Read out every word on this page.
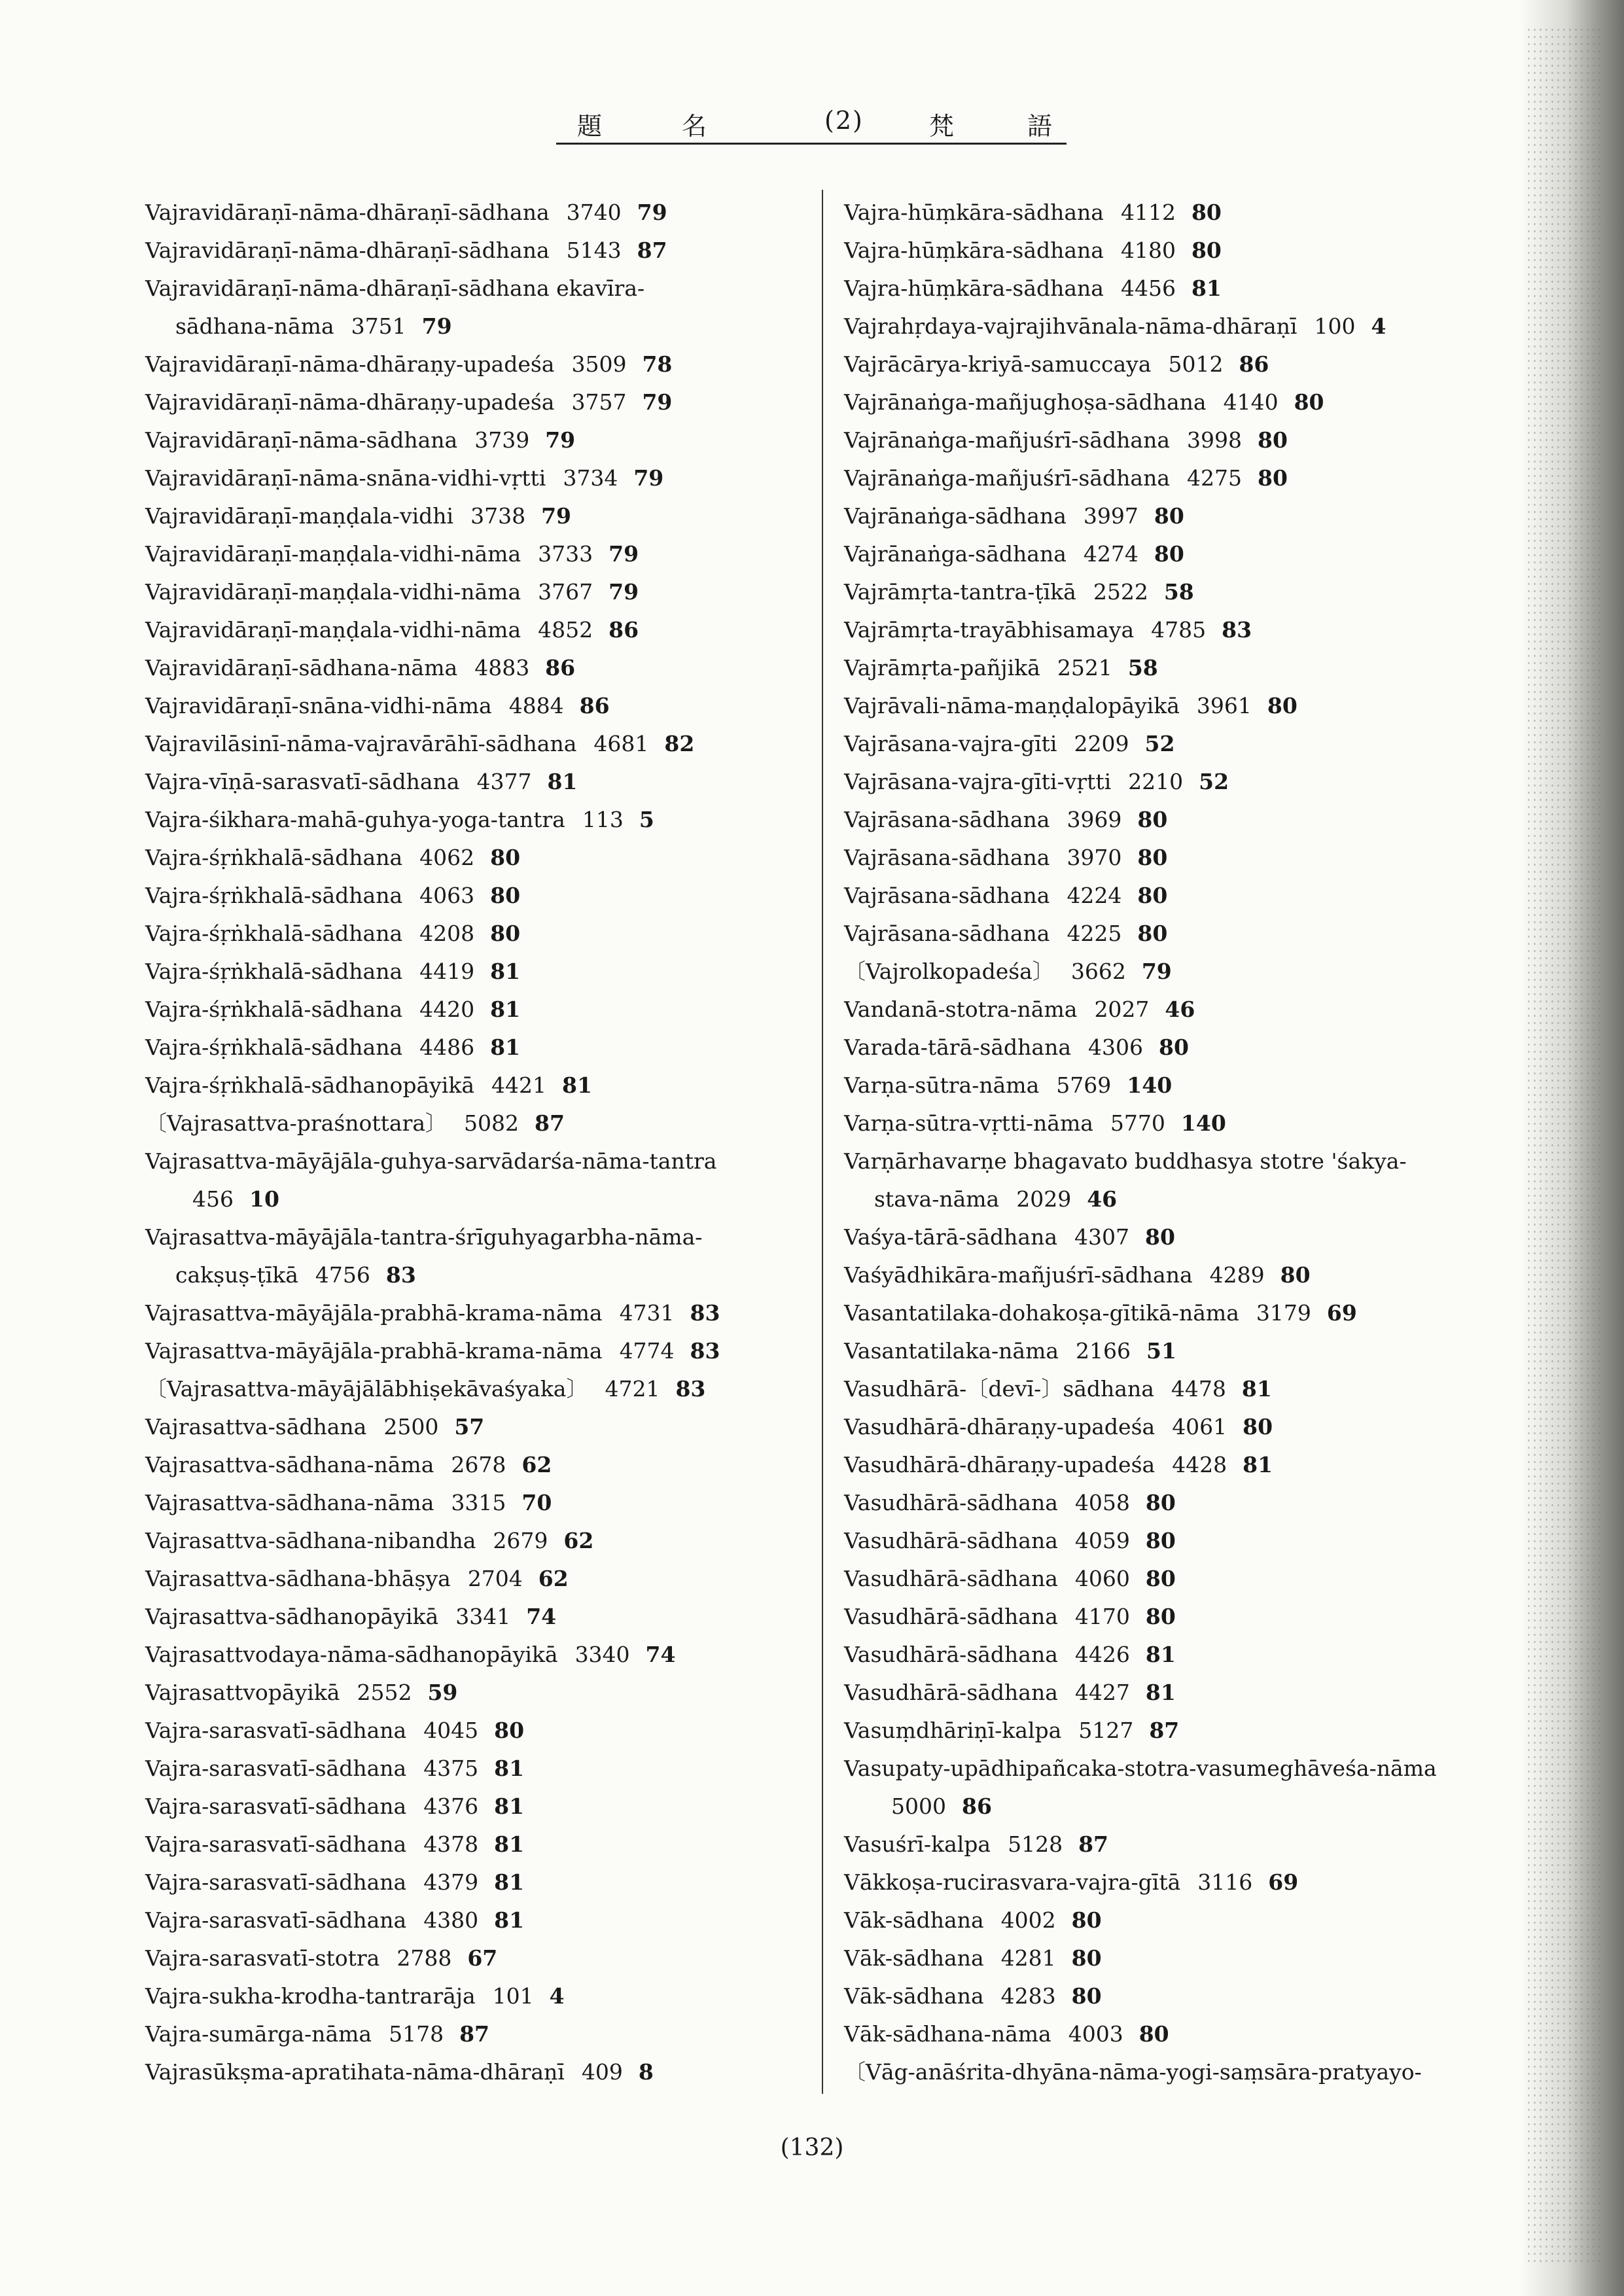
題	名	(2)	梵	語
Vajravidāraṇī-nāma-dhāraṇī-sādhana 3740 79
Vajravidāraṇī-nāma-dhāraṇī-sādhana 5143 87
Vajravidāraṇī-nāma-dhāraṇī-sādhana ekavīra-
sādhana-nāma 3751 79
Vajravidāraṇī-nāma-dhāraṇy-upadeśa 3509 78
Vajravidāraṇī-nāma-dhāraṇy-upadeśa 3757 79
Vajravidāraṇī-nāma-sādhana 3739 79
Vajravidāraṇī-nāma-snāna-vidhi-vṛtti 3734 79
Vajravidāraṇī-maṇḍala-vidhi 3738 79
Vajravidāraṇī-maṇḍala-vidhi-nāma 3733 79
Vajravidāraṇī-maṇḍala-vidhi-nāma 3767 79
Vajravidāraṇī-maṇḍala-vidhi-nāma 4852 86
Vajravidāraṇī-sādhana-nāma 4883 86
Vajravidāraṇī-snāna-vidhi-nāma 4884 86
Vajravilāsinī-nāma-vajravārāhī-sādhana 4681 82
Vajra-vīṇā-sarasvatī-sādhana 4377 81
Vajra-śikhara-mahā-guhya-yoga-tantra 113 5
Vajra-śṛṅkhalā-sādhana 4062 80
Vajra-śṛṅkhalā-sādhana 4063 80
Vajra-śṛṅkhalā-sādhana 4208 80
Vajra-śṛṅkhalā-sādhana 4419 81
Vajra-śṛṅkhalā-sādhana 4420 81
Vajra-śṛṅkhalā-sādhana 4486 81
Vajra-śṛṅkhalā-sādhanopāyikā 4421 81
〔Vajrasattva-praśnottara〕 5082 87
Vajrasattva-māyājāla-guhya-sarvādarśa-nāma-tantra
456 10
Vajrasattva-māyājāla-tantra-śrīguhyagarbha-nāma-
cakṣuṣ-ṭīkā 4756 83
Vajrasattva-māyājāla-prabhā-krama-nāma 4731 83
Vajrasattva-māyājāla-prabhā-krama-nāma 4774 83
〔Vajrasattva-māyājālābhiṣekāvaśyaka〕 4721 83
Vajrasattva-sādhana 2500 57
Vajrasattva-sādhana-nāma 2678 62
Vajrasattva-sādhana-nāma 3315 70
Vajrasattva-sādhana-nibandha 2679 62
Vajrasattva-sādhana-bhāṣya 2704 62
Vajrasattva-sādhanopāyikā 3341 74
Vajrasattvodaya-nāma-sādhanopāyikā 3340 74
Vajrasattvopāyikā 2552 59
Vajra-sarasvatī-sādhana 4045 80
Vajra-sarasvatī-sādhana 4375 81
Vajra-sarasvatī-sādhana 4376 81
Vajra-sarasvatī-sādhana 4378 81
Vajra-sarasvatī-sādhana 4379 81
Vajra-sarasvatī-sādhana 4380 81
Vajra-sarasvatī-stotra 2788 67
Vajra-sukha-krodha-tantrarāja 101 4
Vajra-sumārga-nāma 5178 87
Vajrasūkṣma-apratihata-nāma-dhāraṇī 409 8
Vajra-hūṃkāra-sādhana 4112 80
Vajra-hūṃkāra-sādhana 4180 80
Vajra-hūṃkāra-sādhana 4456 81
Vajrahṛdaya-vajrajihvānala-nāma-dhāraṇī 100 4
Vajrācārya-kriyā-samuccaya 5012 86
Vajrānaṅga-mañjughoṣa-sādhana 4140 80
Vajrānaṅga-mañjuśrī-sādhana 3998 80
Vajrānaṅga-mañjuśrī-sādhana 4275 80
Vajrānaṅga-sādhana 3997 80
Vajrānaṅga-sādhana 4274 80
Vajrāmṛta-tantra-ṭīkā 2522 58
Vajrāmṛta-trayābhisamaya 4785 83
Vajrāmṛta-pañjikā 2521 58
Vajrāvali-nāma-maṇḍalopāyikā 3961 80
Vajrāsana-vajra-gīti 2209 52
Vajrāsana-vajra-gīti-vṛtti 2210 52
Vajrāsana-sādhana 3969 80
Vajrāsana-sādhana 3970 80
Vajrāsana-sādhana 4224 80
Vajrāsana-sādhana 4225 80
〔Vajrolkopadeśa〕 3662 79
Vandanā-stotra-nāma 2027 46
Varada-tārā-sādhana 4306 80
Varṇa-sūtra-nāma 5769 140
Varṇa-sūtra-vṛtti-nāma 5770 140
Varṇārhavarṇe bhagavato buddhasya stotre 'śakya-
stava-nāma 2029 46
Vaśya-tārā-sādhana 4307 80
Vaśyādhikāra-mañjuśrī-sādhana 4289 80
Vasantatilaka-dohakoṣa-gītikā-nāma 3179 69
Vasantatilaka-nāma 2166 51
Vasudhārā-〔devī-〕sādhana 4478 81
Vasudhārā-dhāraṇy-upadeśa 4061 80
Vasudhārā-dhāraṇy-upadeśa 4428 81
Vasudhārā-sādhana 4058 80
Vasudhārā-sādhana 4059 80
Vasudhārā-sādhana 4060 80
Vasudhārā-sādhana 4170 80
Vasudhārā-sādhana 4426 81
Vasudhārā-sādhana 4427 81
Vasuṃdhāriṇī-kalpa 5127 87
Vasupaty-upādhipañcaka-stotra-vasumeghāveśa-nāma
5000 86
Vasuśrī-kalpa 5128 87
Vākkoṣa-rucirasvara-vajra-gītā 3116 69
Vāk-sādhana 4002 80
Vāk-sādhana 4281 80
Vāk-sādhana 4283 80
Vāk-sādhana-nāma 4003 80
〔Vāg-anāśrita-dhyāna-nāma-yogi-saṃsāra-pratyayo-
(132)
